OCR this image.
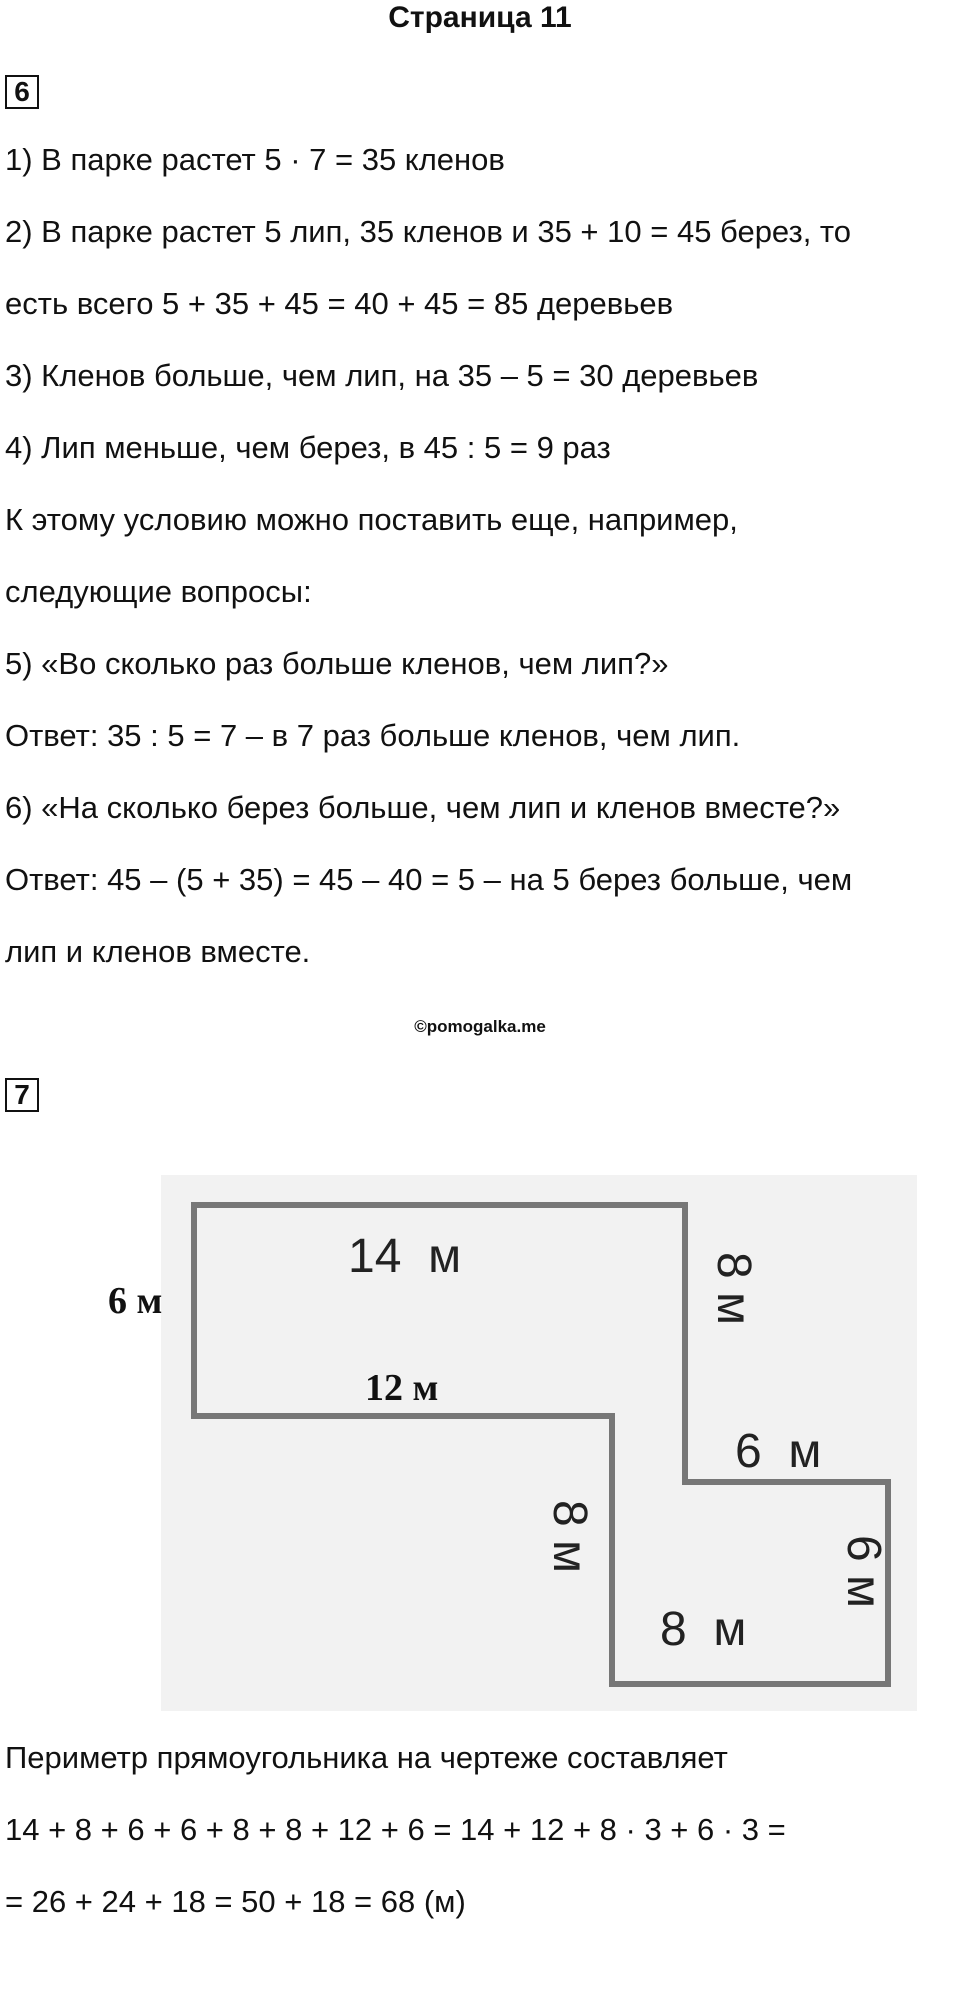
Страница 11
6
1) В парке растет 5 · 7 = 35 кленов
2) В парке растет 5 лип, 35 кленов и 35 + 10 = 45 берез, то
есть всего 5 + 35 + 45 = 40 + 45 = 85 деревьев
3) Кленов больше, чем лип, на 35 – 5 = 30 деревьев
4) Лип меньше, чем берез, в 45 : 5 = 9 раз
К этому условию можно поставить еще, например,
следующие вопросы:
5) «Во сколько раз больше кленов, чем лип?»
Ответ: 35 : 5 = 7 – в 7 раз больше кленов, чем лип.
6) «На сколько берез больше, чем лип и кленов вместе?»
Ответ: 45 – (5 + 35) = 45 – 40 = 5 – на 5 берез больше, чем
лип и кленов вместе.
©pomogalka.me
7
6 м
14  м
12 м
8 м
6  м
6 м
8  м
8 м
Периметр прямоугольника на чертеже составляет
14 + 8 + 6 + 6 + 8 + 8 + 12 + 6 = 14 + 12 + 8 · 3 + 6 · 3 =
= 26 + 24 + 18 = 50 + 18 = 68 (м)
